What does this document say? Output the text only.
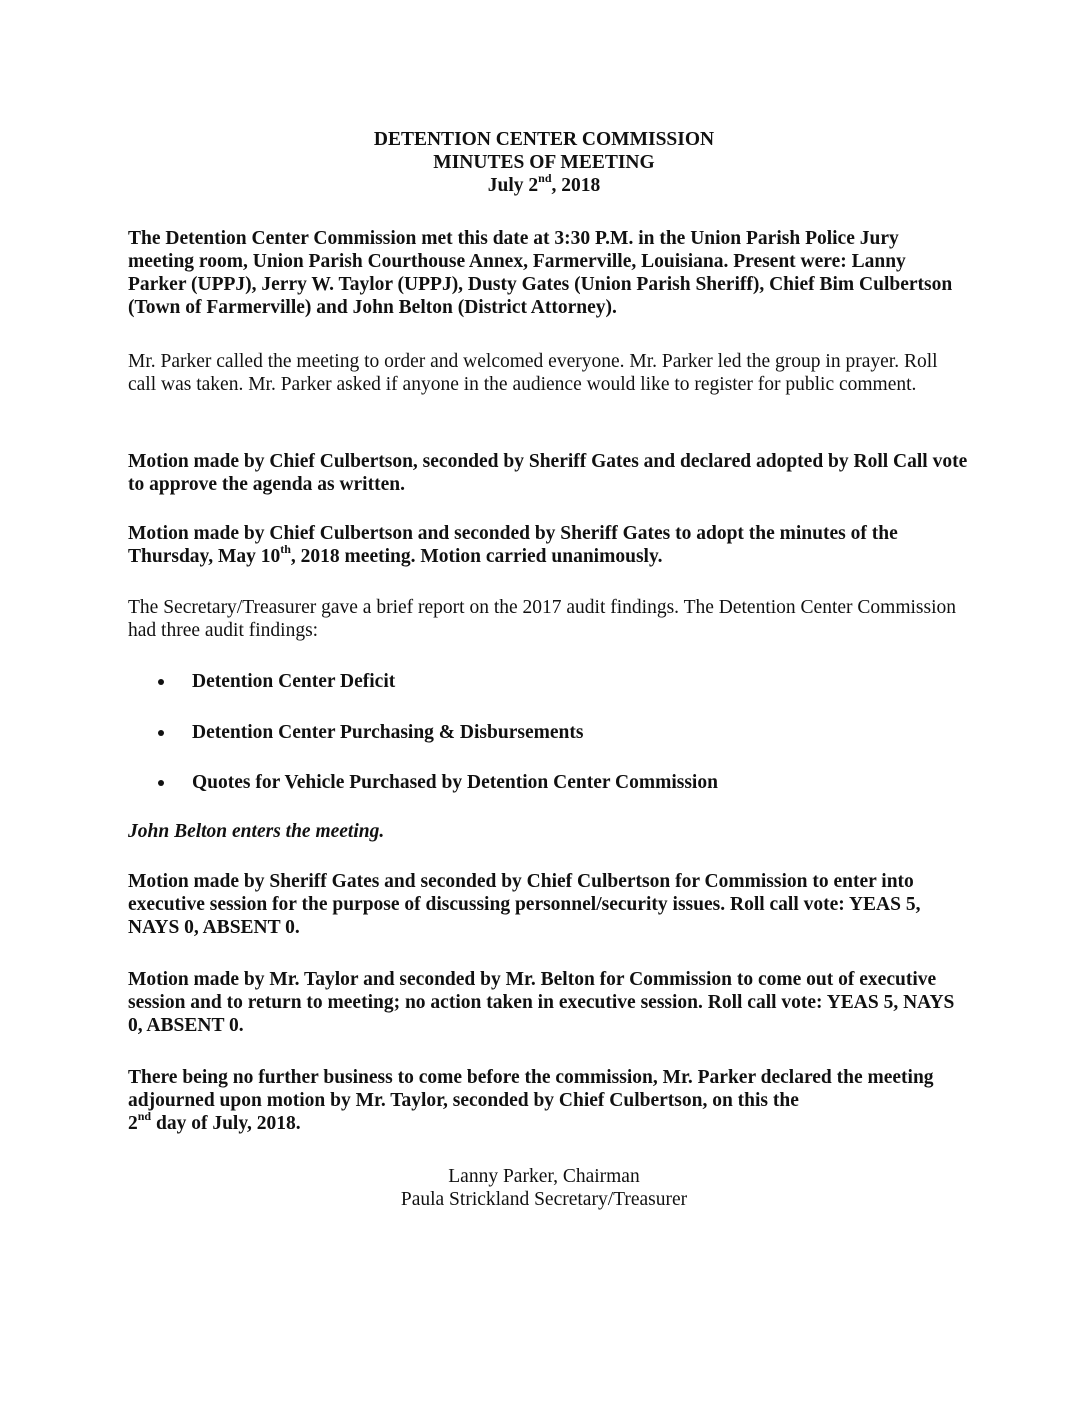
DETENTION CENTER COMMISSION
MINUTES OF MEETING
July 2nd, 2018

The Detention Center Commission met this date at 3:30 P.M. in the Union Parish Police Jury meeting room, Union Parish Courthouse Annex, Farmerville, Louisiana. Present were: Lanny Parker (UPPJ), Jerry W. Taylor (UPPJ), Dusty Gates (Union Parish Sheriff), Chief Bim Culbertson (Town of Farmerville) and John Belton (District Attorney).

Mr. Parker called the meeting to order and welcomed everyone. Mr. Parker led the group in prayer. Roll call was taken. Mr. Parker asked if anyone in the audience would like to register for public comment.

Motion made by Chief Culbertson, seconded by Sheriff Gates and declared adopted by Roll Call vote to approve the agenda as written.

Motion made by Chief Culbertson and seconded by Sheriff Gates to adopt the minutes of the Thursday, May 10th, 2018 meeting. Motion carried unanimously.

The Secretary/Treasurer gave a brief report on the 2017 audit findings. The Detention Center Commission had three audit findings:

Detention Center Deficit
Detention Center Purchasing & Disbursements
Quotes for Vehicle Purchased by Detention Center Commission

John Belton enters the meeting.

Motion made by Sheriff Gates and seconded by Chief Culbertson for Commission to enter into executive session for the purpose of discussing personnel/security issues. Roll call vote: YEAS 5, NAYS 0, ABSENT 0.

Motion made by Mr. Taylor and seconded by Mr. Belton for Commission to come out of executive session and to return to meeting; no action taken in executive session. Roll call vote: YEAS 5, NAYS 0, ABSENT 0.

There being no further business to come before the commission, Mr. Parker declared the meeting adjourned upon motion by Mr. Taylor, seconded by Chief Culbertson, on this the
2nd day of July, 2018.

Lanny Parker, Chairman
Paula Strickland Secretary/Treasurer
